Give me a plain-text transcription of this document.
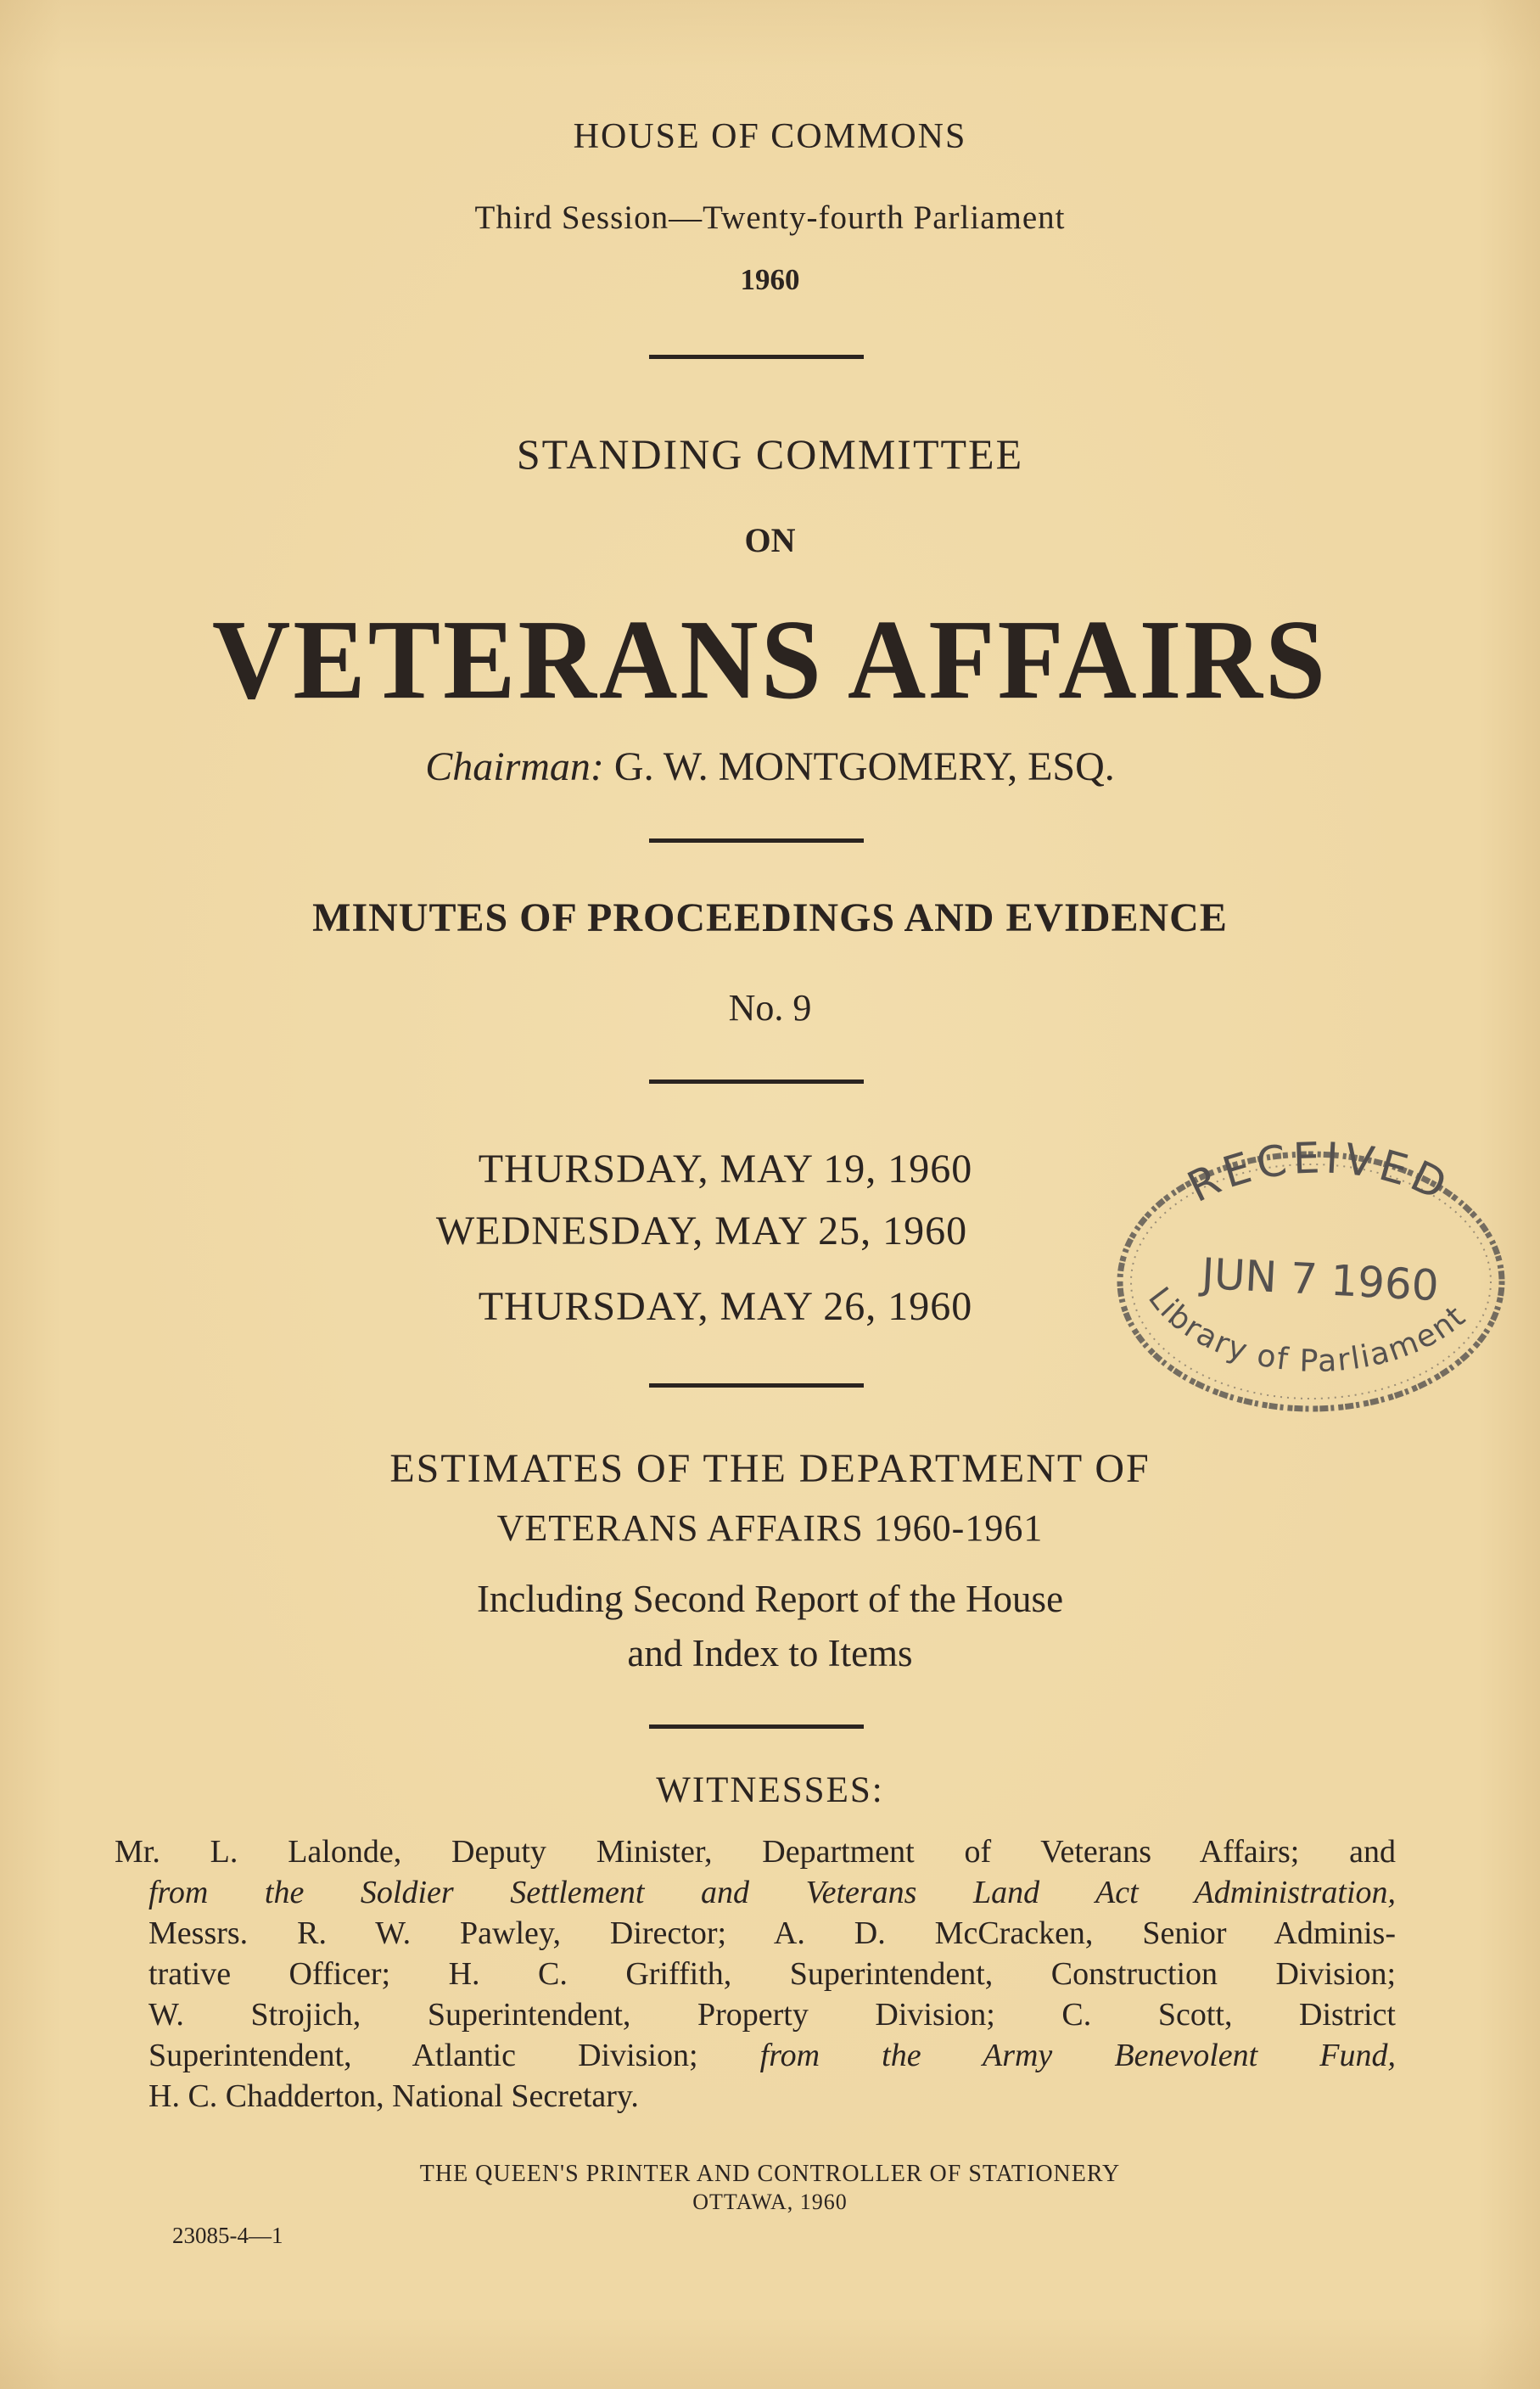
HOUSE OF COMMONS
Third Session—Twenty-fourth Parliament
1960
STANDING COMMITTEE
ON
VETERANS AFFAIRS
Chairman: G. W. MONTGOMERY, ESQ.
MINUTES OF PROCEEDINGS AND EVIDENCE
No. 9
THURSDAY, MAY 19, 1960
WEDNESDAY, MAY 25, 1960
THURSDAY, MAY 26, 1960
ESTIMATES OF THE DEPARTMENT OF
VETERANS AFFAIRS 1960-1961
Including Second Report of the House
and Index to Items
WITNESSES:
Mr. L. Lalonde, Deputy Minister, Department of Veterans Affairs; and
from the Soldier Settlement and Veterans Land Act Administration,
Messrs. R. W. Pawley, Director; A. D. McCracken, Senior Adminis-
trative Officer; H. C. Griffith, Superintendent, Construction Division;
W. Strojich, Superintendent, Property Division; C. Scott, District
Superintendent, Atlantic Division; from the Army Benevolent Fund,
H. C. Chadderton, National Secretary.
THE QUEEN'S PRINTER AND CONTROLLER OF STATIONERY
OTTAWA, 1960
23085-4—1
RECEIVED
JUN 7 1960
Library of Parliament
